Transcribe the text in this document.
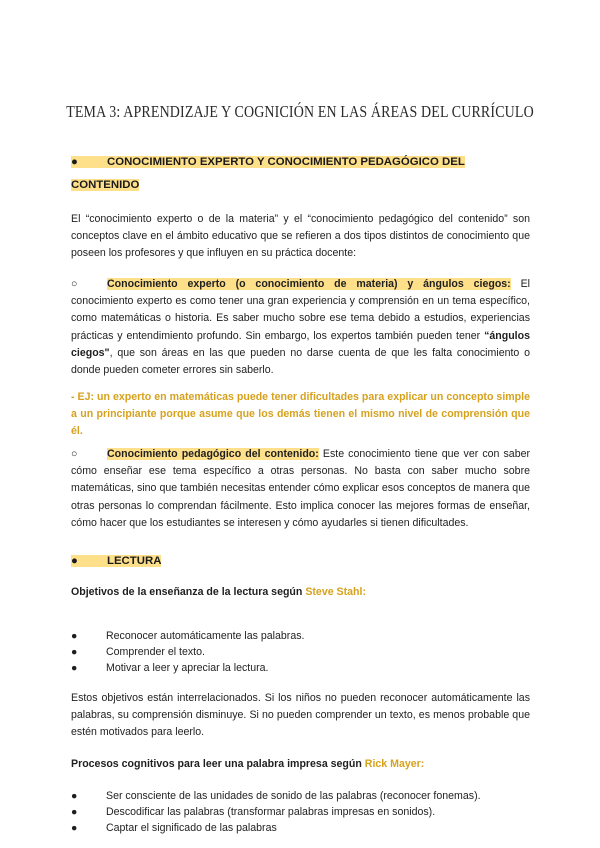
TEMA 3: APRENDIZAJE Y COGNICIÓN EN LAS ÁREAS DEL CURRÍCULO
●	CONOCIMIENTO EXPERTO Y CONOCIMIENTO PEDAGÓGICO DEL
CONTENIDO
El “conocimiento experto o de la materia” y el “conocimiento pedagógico del contenido” son conceptos clave en el ámbito educativo que se refieren a dos tipos distintos de conocimiento que poseen los profesores y que influyen en su práctica docente:
○	Conocimiento experto (o conocimiento de materia) y ángulos ciegos: El conocimiento experto es como tener una gran experiencia y comprensión en un tema específico, como matemáticas o historia. Es saber mucho sobre ese tema debido a estudios, experiencias prácticas y entendimiento profundo. Sin embargo, los expertos también pueden tener “ángulos ciegos", que son áreas en las que pueden no darse cuenta de que les falta conocimiento o donde pueden cometer errores sin saberlo.
- EJ: un experto en matemáticas puede tener dificultades para explicar un concepto simple a un principiante porque asume que los demás tienen el mismo nivel de comprensión que él.
○	Conocimiento pedagógico del contenido: Este conocimiento tiene que ver con saber cómo enseñar ese tema específico a otras personas. No basta con saber mucho sobre matemáticas, sino que también necesitas entender cómo explicar esos conceptos de manera que otras personas lo comprendan fácilmente. Esto implica conocer las mejores formas de enseñar, cómo hacer que los estudiantes se interesen y cómo ayudarles si tienen dificultades.
●	LECTURA
Objetivos de la enseñanza de la lectura según Steve Stahl:
●	Reconocer automáticamente las palabras.
●	Comprender el texto.
●	Motivar a leer y apreciar la lectura.
Estos objetivos están interrelacionados. Si los niños no pueden reconocer automáticamente las palabras, su comprensión disminuye. Si no pueden comprender un texto, es menos probable que estén motivados para leerlo.
Procesos cognitivos para leer una palabra impresa según Rick Mayer:
●	Ser consciente de las unidades de sonido de las palabras (reconocer fonemas).
●	Descodificar las palabras (transformar palabras impresas en sonidos).
●	Captar el significado de las palabras
